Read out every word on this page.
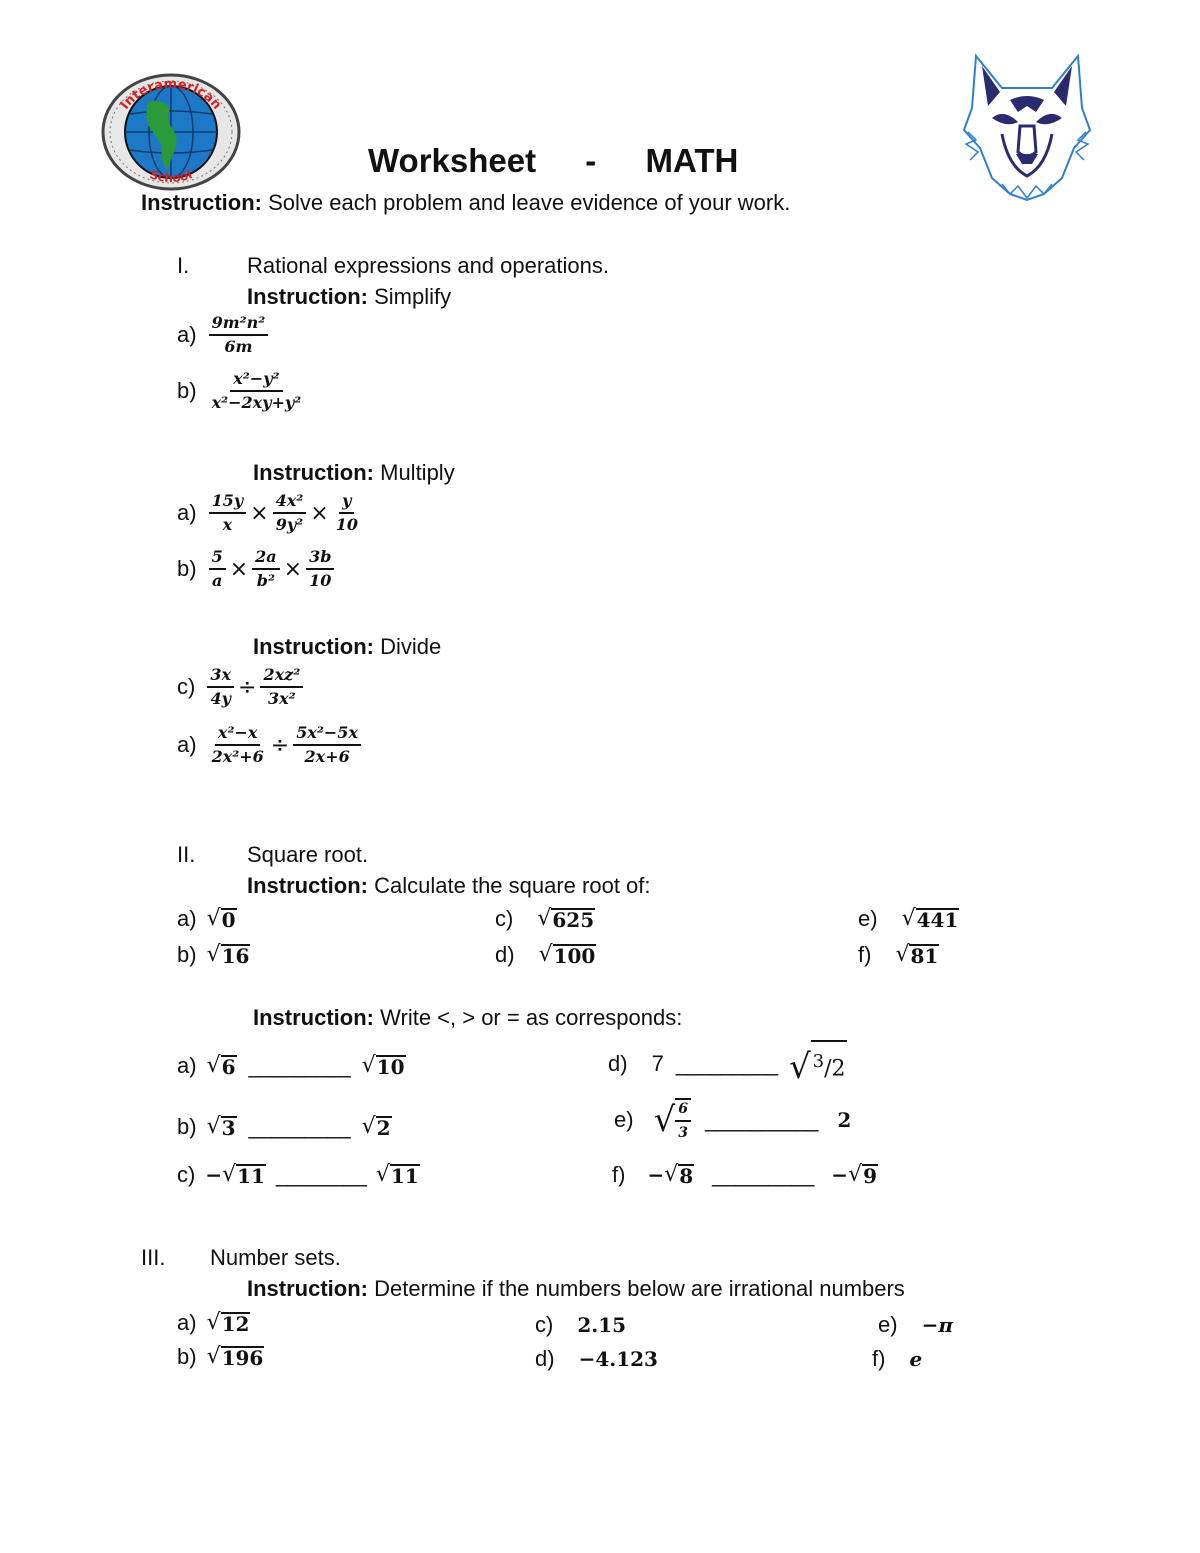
Interamerican
School	Worksheet - MATH
Instruction: Solve each problem and leave evidence of your work.
I.	Rational expressions and operations.
Instruction: Simplify
$a) \frac{\text{9m²n²}}{6m}$
$b) \frac{\text{x²−y²}}{\text{x²−2xy+y²}}$
Instruction: Multiply
$a) \frac{15y}{x} \times \frac{\text{4x²}}{\text{9y²}} \times \frac{y}{10}$
$b) \frac{5}{a} \times \frac{2a}{\text{b²}} \times \frac{3b}{10}$
Instruction: Divide
$c) \frac{3x}{4y} \div \frac{\text{2xz²}}{\text{3x²}}$
$a) \frac{\text{x²−x}}{\text{2x²+6}} \div \frac{\text{5x²−5x}}{2x+6}$
II. Square root.
Instruction: Calculate the square root of:
a) √ 0
b) √ 16
c) √ 625
d) √ 100
e) √ 441
f) √ 81
Instruction: Write <, > or = as corresponds:
a) √ 6 _________ √ 10
b) √ 3 _________ √ 2
c) − √ 11 ________ √ 11
d) 7 _________ √ $^3$/2
e) √ $\frac{6}{3}$ __________ 2
f) − √ 8 _________ − √ 9
III. Number sets.
Instruction: Determine if the numbers below are irrational numbers
a) √ 12
b) √ 196
c) 2.15
d) −4.123
e) −π
f) e
